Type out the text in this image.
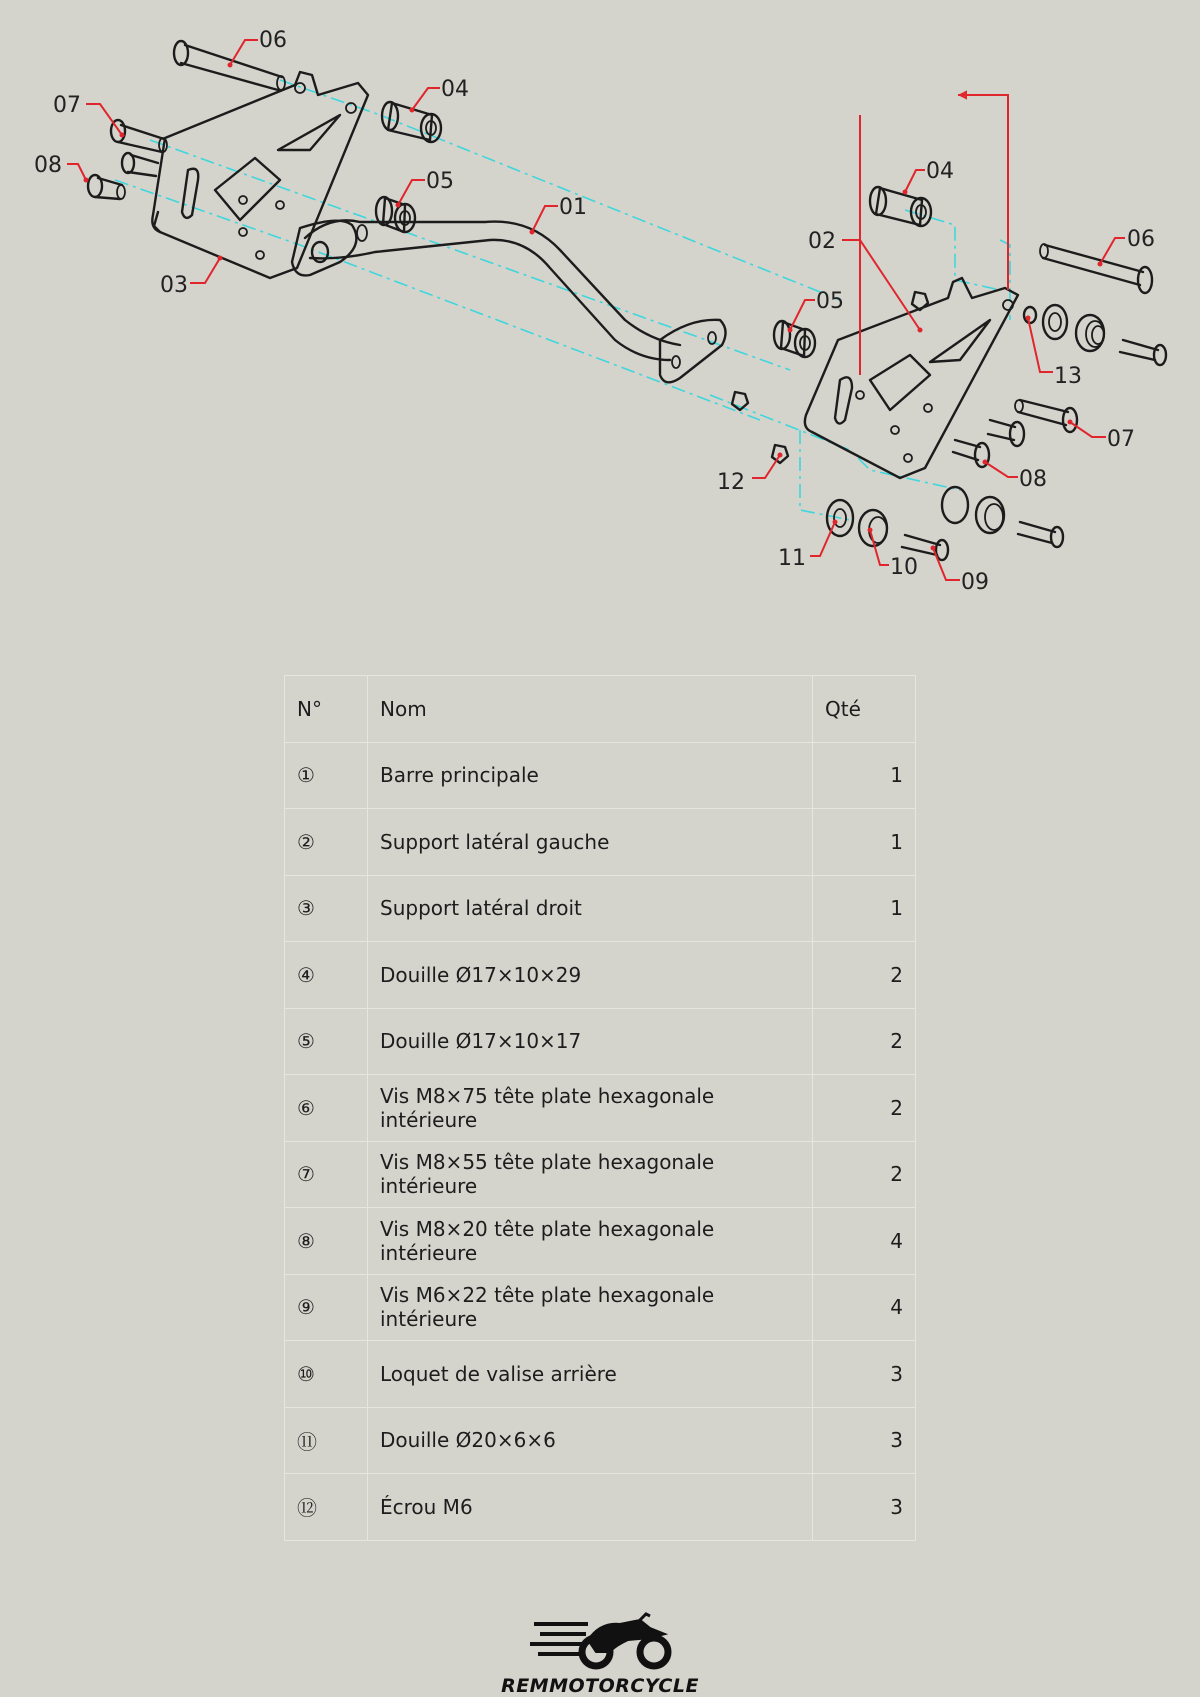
06
07
08
04
05
03
01
04
02
05
06
13
07
12	08
11	10
09
N°	Nom	Qté
①	Barre principale	1
②	Support latéral gauche	1
③	Support latéral droit	1
④	Douille Ø17×10×29	2
⑤	Douille Ø17×10×17	2
⑥	Vis M8×75 tête plate hexagonale intérieure	2
⑦	Vis M8×55 tête plate hexagonale intérieure	2
⑧	Vis M8×20 tête plate hexagonale intérieure	4
⑨	Vis M6×22 tête plate hexagonale intérieure	4
⑩	Loquet de valise arrière	3
⑪	Douille Ø20×6×6	3
⑫	Écrou M6	3
REMMOTORCYCLE
